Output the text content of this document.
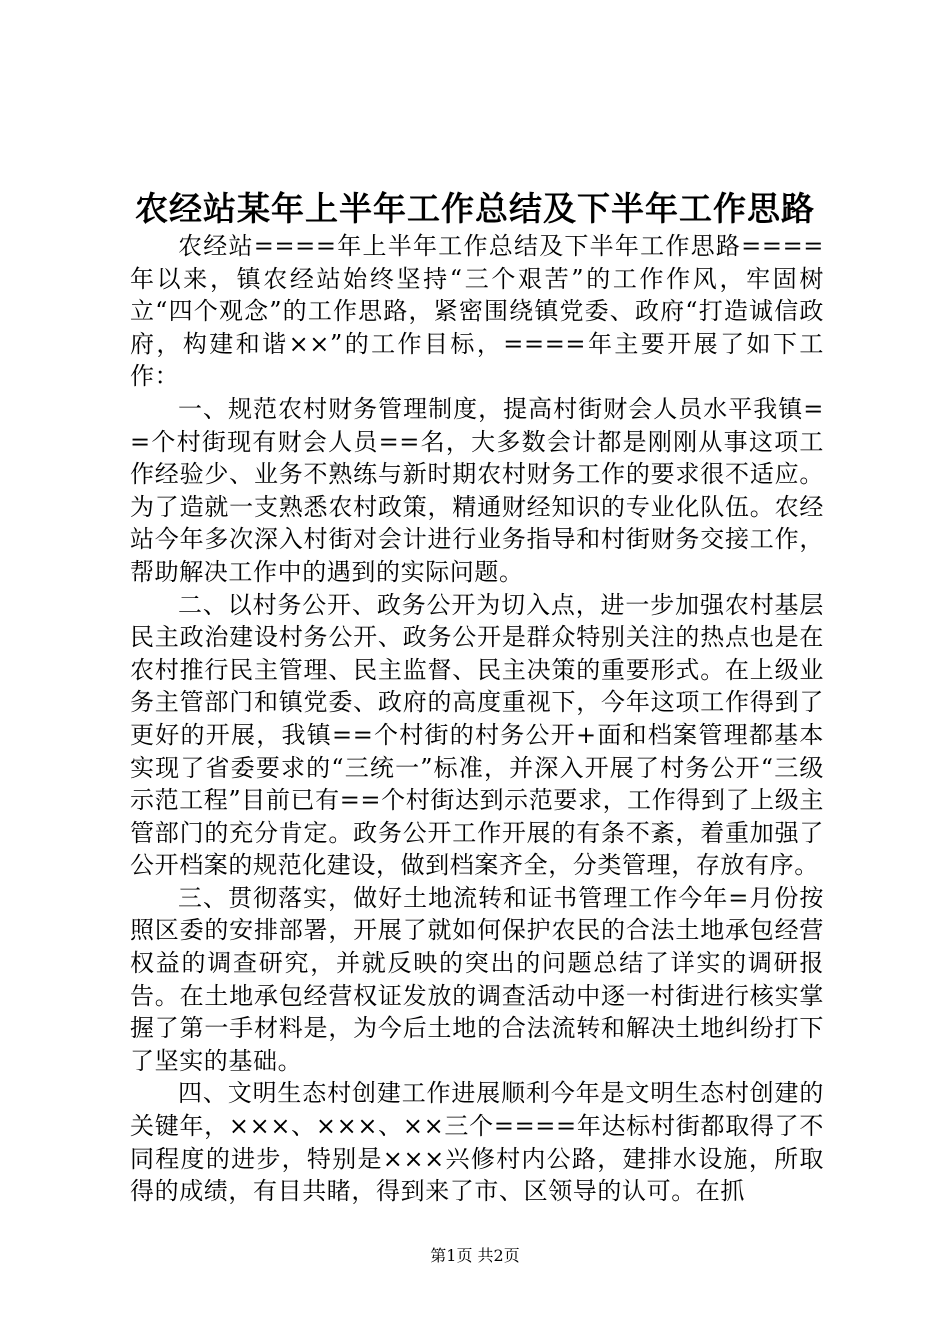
农经站某年上半年工作总结及下半年工作思路

农经站====年上半年工作总结及下半年工作思路====年以来，镇农经站始终坚持“三个艰苦”的工作作风，牢固树立“四个观念”的工作思路，紧密围绕镇党委、政府“打造诚信政府，构建和谐××”的工作目标，====年主要开展了如下工作：

一、规范农村财务管理制度，提高村街财会人员水平我镇==个村街现有财会人员==名，大多数会计都是刚刚从事这项工作经验少、业务不熟练与新时期农村财务工作的要求很不适应。为了造就一支熟悉农村政策，精通财经知识的专业化队伍。农经站今年多次深入村街对会计进行业务指导和村街财务交接工作，帮助解决工作中的遇到的实际问题。

二、以村务公开、政务公开为切入点，进一步加强农村基层民主政治建设村务公开、政务公开是群众特别关注的热点也是在农村推行民主管理、民主监督、民主决策的重要形式。在上级业务主管部门和镇党委、政府的高度重视下，今年这项工作得到了更好的开展，我镇==个村街的村务公开+面和档案管理都基本实现了省委要求的“三统一”标准，并深入开展了村务公开“三级示范工程”目前已有==个村街达到示范要求，工作得到了上级主管部门的充分肯定。政务公开工作开展的有条不紊，着重加强了公开档案的规范化建设，做到档案齐全，分类管理，存放有序。

三、贯彻落实，做好土地流转和证书管理工作今年=月份按照区委的安排部署，开展了就如何保护农民的合法土地承包经营权益的调查研究，并就反映的突出的问题总结了详实的调研报告。在土地承包经营权证发放的调查活动中逐一村街进行核实掌握了第一手材料是，为今后土地的合法流转和解决土地纠纷打下了坚实的基础。

四、文明生态村创建工作进展顺利今年是文明生态村创建的关键年，×××、×××、××三个====年达标村街都取得了不同程度的进步，特别是×××兴修村内公路，建排水设施，所取得的成绩，有目共睹，得到来了市、区领导的认可。在抓

第1页 共2页
